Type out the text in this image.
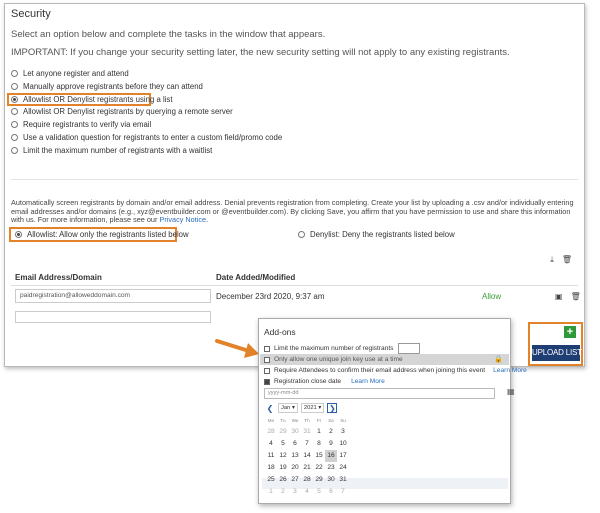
Security
Select an option below and complete the tasks in the window that appears.
IMPORTANT: If you change your security setting later, the new security setting will not apply to any existing registrants.
Let anyone register and attend
Manually approve registrants before they can attend
Allowlist OR Denylist registrants using a list
Allowlist OR Denylist registrants by querying a remote server
Require registrants to verify via email
Use a validation question for registrants to enter a custom field/promo code
Limit the maximum number of registrants with a waitlist
Automatically screen registrants by domain and/or email address. Denial prevents registration from completing. Create your list by uploading a .csv and/or individually entering email addresses and/or domains (e.g., xyz@eventbuilder.com or @eventbuilder.com). By clicking Save, you affirm that you have permission to use and share this information with us. For more information, please see our Privacy Notice.
Allowlist: Allow only the registrants listed below	Denylist: Deny the registrants listed below
⤓ 🗑
Email Address/Domain	Date Added/Modified
paidregistration@alloweddomain.com	December 23rd 2020, 9:37 am	Allow	▣ 🗑
Add-ons
Limit the maximum number of registrants
Only allow one unique join key use at a time	🔒
Require Attendees to confirm their email address when joining this event Learn More
Registration close date Learn More
yyyy-mm-dd	▦
❮	Jan ▾	2021 ▾ ❯
Mo	Tu	We	Th	Fr	Sa	Su
28 29 30 31 1	2	3
4	5	6	7	8	9 10
11 12 13 14 15 16 17
18 19 20 21 22 23 24
25 26 27 28 29 30 31
1	2	3	4	5	6	7
+
UPLOAD LIST
